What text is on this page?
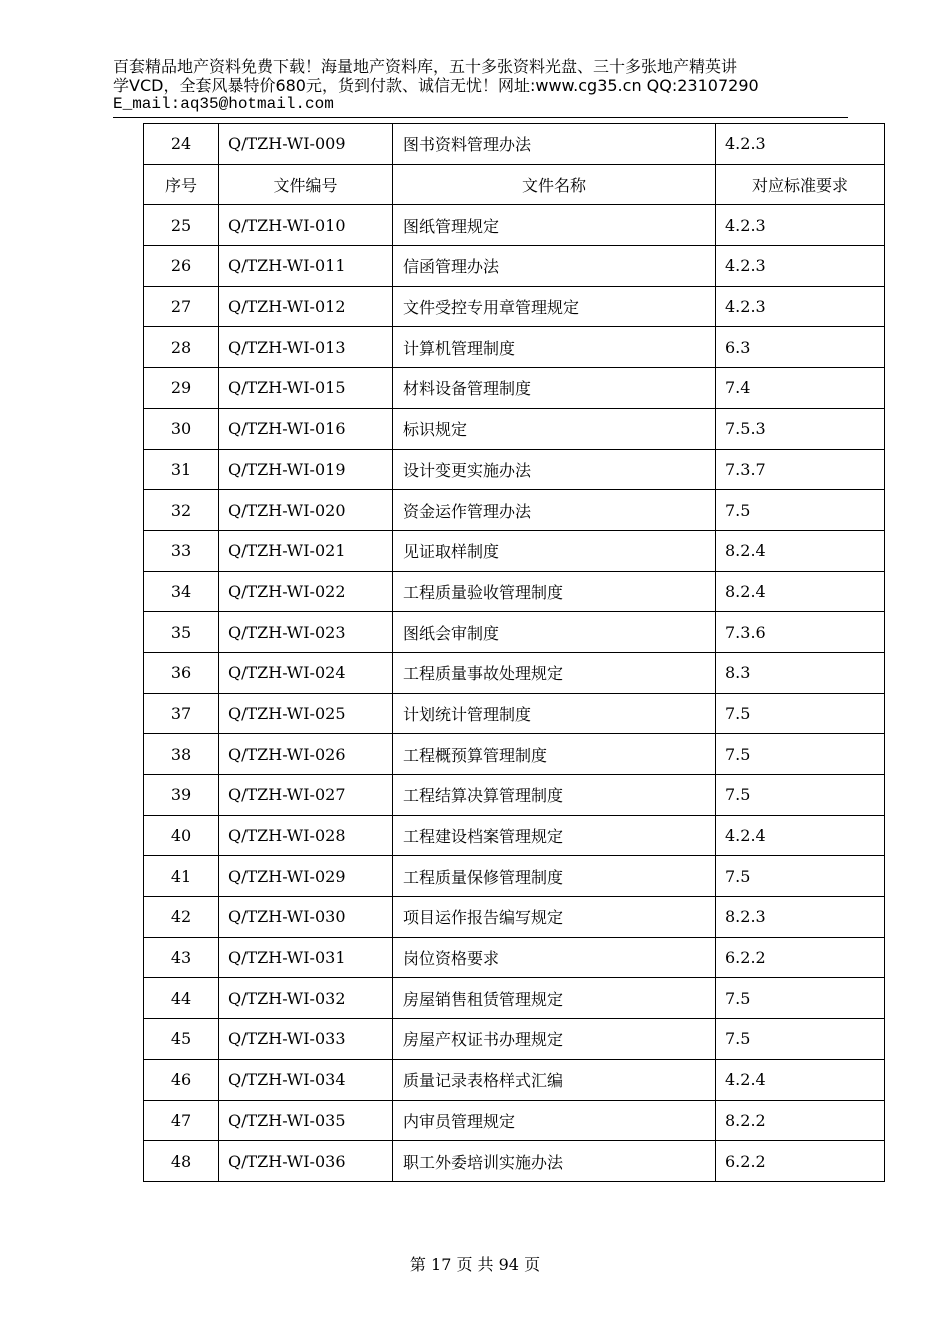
百套精品地产资料免费下载！海量地产资料库，五十多张资料光盘、三十多张地产精英讲
学VCD，全套风暴特价680元，货到付款、诚信无忧！网址:www.cg35.cn QQ:23107290
E_mail:aq35@hotmail.com
24	Q/TZH-WI-009	图书资料管理办法	4.2.3
序号	文件编号	文件名称	对应标准要求
25	Q/TZH-WI-010	图纸管理规定	4.2.3
26	Q/TZH-WI-011	信函管理办法	4.2.3
27	Q/TZH-WI-012	文件受控专用章管理规定	4.2.3
28	Q/TZH-WI-013	计算机管理制度	6.3
29	Q/TZH-WI-015	材料设备管理制度	7.4
30	Q/TZH-WI-016	标识规定	7.5.3
31	Q/TZH-WI-019	设计变更实施办法	7.3.7
32	Q/TZH-WI-020	资金运作管理办法	7.5
33	Q/TZH-WI-021	见证取样制度	8.2.4
34	Q/TZH-WI-022	工程质量验收管理制度	8.2.4
35	Q/TZH-WI-023	图纸会审制度	7.3.6
36	Q/TZH-WI-024	工程质量事故处理规定	8.3
37	Q/TZH-WI-025	计划统计管理制度	7.5
38	Q/TZH-WI-026	工程概预算管理制度	7.5
39	Q/TZH-WI-027	工程结算决算管理制度	7.5
40	Q/TZH-WI-028	工程建设档案管理规定	4.2.4
41	Q/TZH-WI-029	工程质量保修管理制度	7.5
42	Q/TZH-WI-030	项目运作报告编写规定	8.2.3
43	Q/TZH-WI-031	岗位资格要求	6.2.2
44	Q/TZH-WI-032	房屋销售租赁管理规定	7.5
45	Q/TZH-WI-033	房屋产权证书办理规定	7.5
46	Q/TZH-WI-034	质量记录表格样式汇编	4.2.4
47	Q/TZH-WI-035	内审员管理规定	8.2.2
48	Q/TZH-WI-036	职工外委培训实施办法	6.2.2
第 17 页 共 94 页
